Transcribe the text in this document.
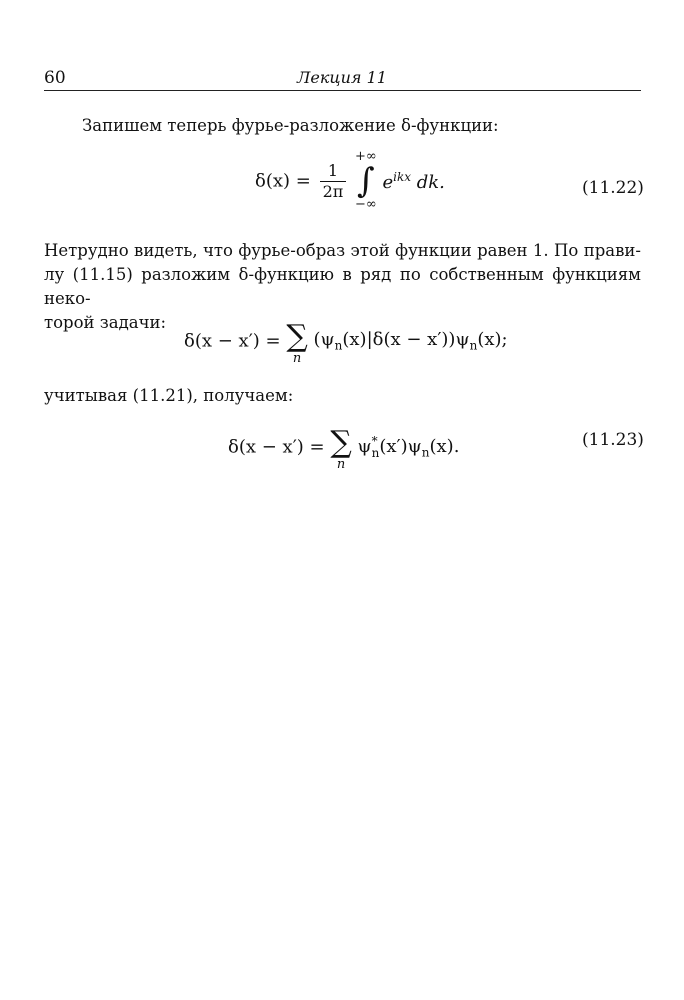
60	Лекция 11
Запишем теперь фурье-разложение δ-функции:
$\delta(x) = \frac{1}{2\pi}$

+∞
∫
−∞
$e^{ikx}$ dk.	(11.22)
Нетрудно видеть, что фурье-образ этой функции равен 1. По прави-
лу (11.15) разложим δ-функцию в ряд по собственным функциям неко-
торой задачи:
δ(x − x′) = ∑
n
$(\psi_n(x)|\delta(x - x'))\psi_n(x)$;
учитывая (11.21), получаем:
δ(x − x′) = ∑
n
$\psi^*_n(x')\psi_n(x)$.	(11.23)
